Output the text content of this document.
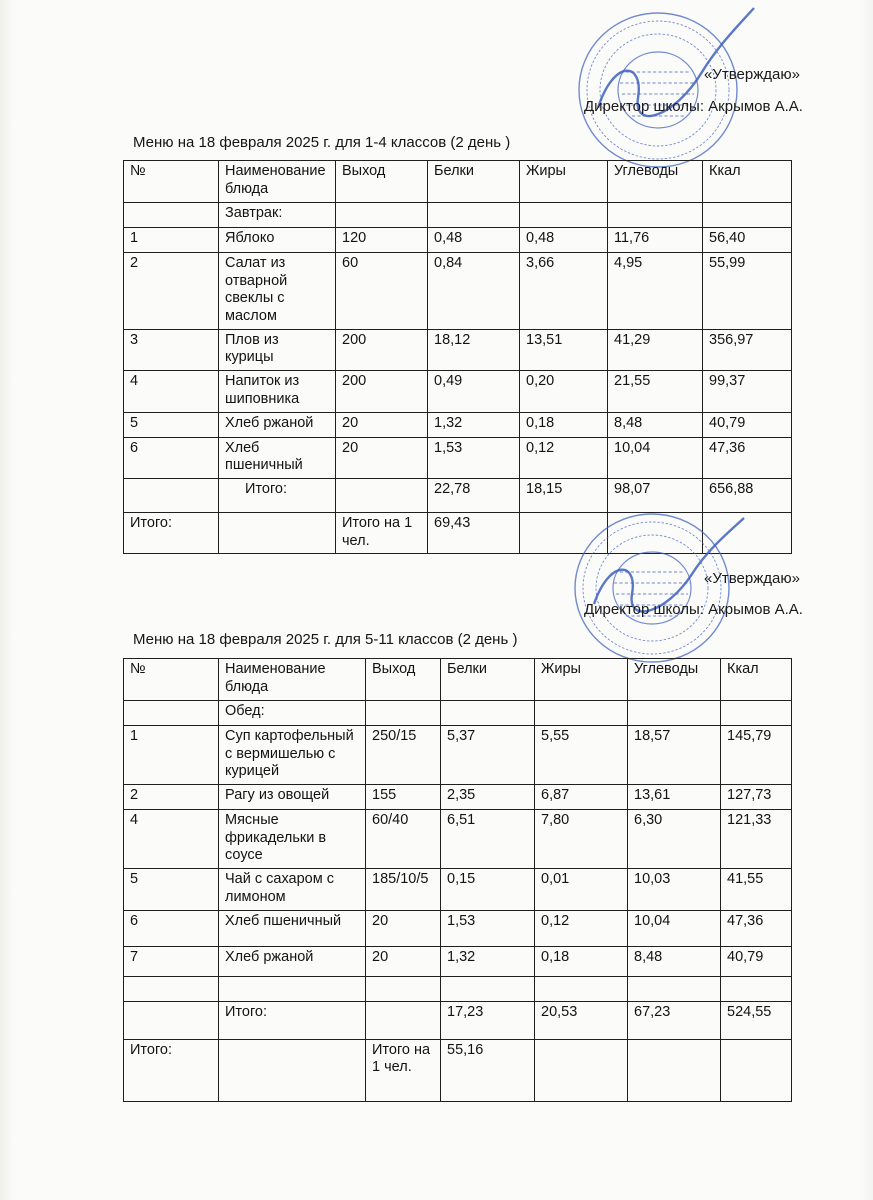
«Утверждаю»
Директор школы: Акрымов А.А.
Меню на 18 февраля 2025 г. для 1-4 классов (2 день )
№	Наименование блюда	Выход	Белки	Жиры	Углеводы	Ккал
	Завтрак:					
1	Яблоко	120	0,48	0,48	11,76	56,40
2	Салат из отварной свеклы с маслом	60	0,84	3,66	4,95	55,99
3	Плов из курицы	200	18,12	13,51	41,29	356,97
4	Напиток из шиповника	200	0,49	0,20	21,55	99,37
5	Хлеб ржаной	20	1,32	0,18	8,48	40,79
6	Хлеб пшеничный	20	1,53	0,12	10,04	47,36
	Итого:		22,78	18,15	98,07	656,88
Итого:		Итого на 1 чел.	69,43			
«Утверждаю»
Директор школы: Акрымов А.А.
Меню на 18 февраля 2025 г. для 5-11 классов (2 день )
№	Наименование блюда	Выход	Белки	Жиры	Углеводы	Ккал
	Обед:					
1	Суп картофельный с вермишелью с курицей	250/15	5,37	5,55	18,57	145,79
2	Рагу из овощей	155	2,35	6,87	13,61	127,73
4	Мясные фрикадельки в соусе	60/40	6,51	7,80	6,30	121,33
5	Чай с сахаром с лимоном	185/10/5	0,15	0,01	10,03	41,55
6	Хлеб пшеничный	20	1,53	0,12	10,04	47,36
7	Хлеб ржаной	20	1,32	0,18	8,48	40,79

	Итого:		17,23	20,53	67,23	524,55
Итого:		Итого на 1 чел.	55,16			
